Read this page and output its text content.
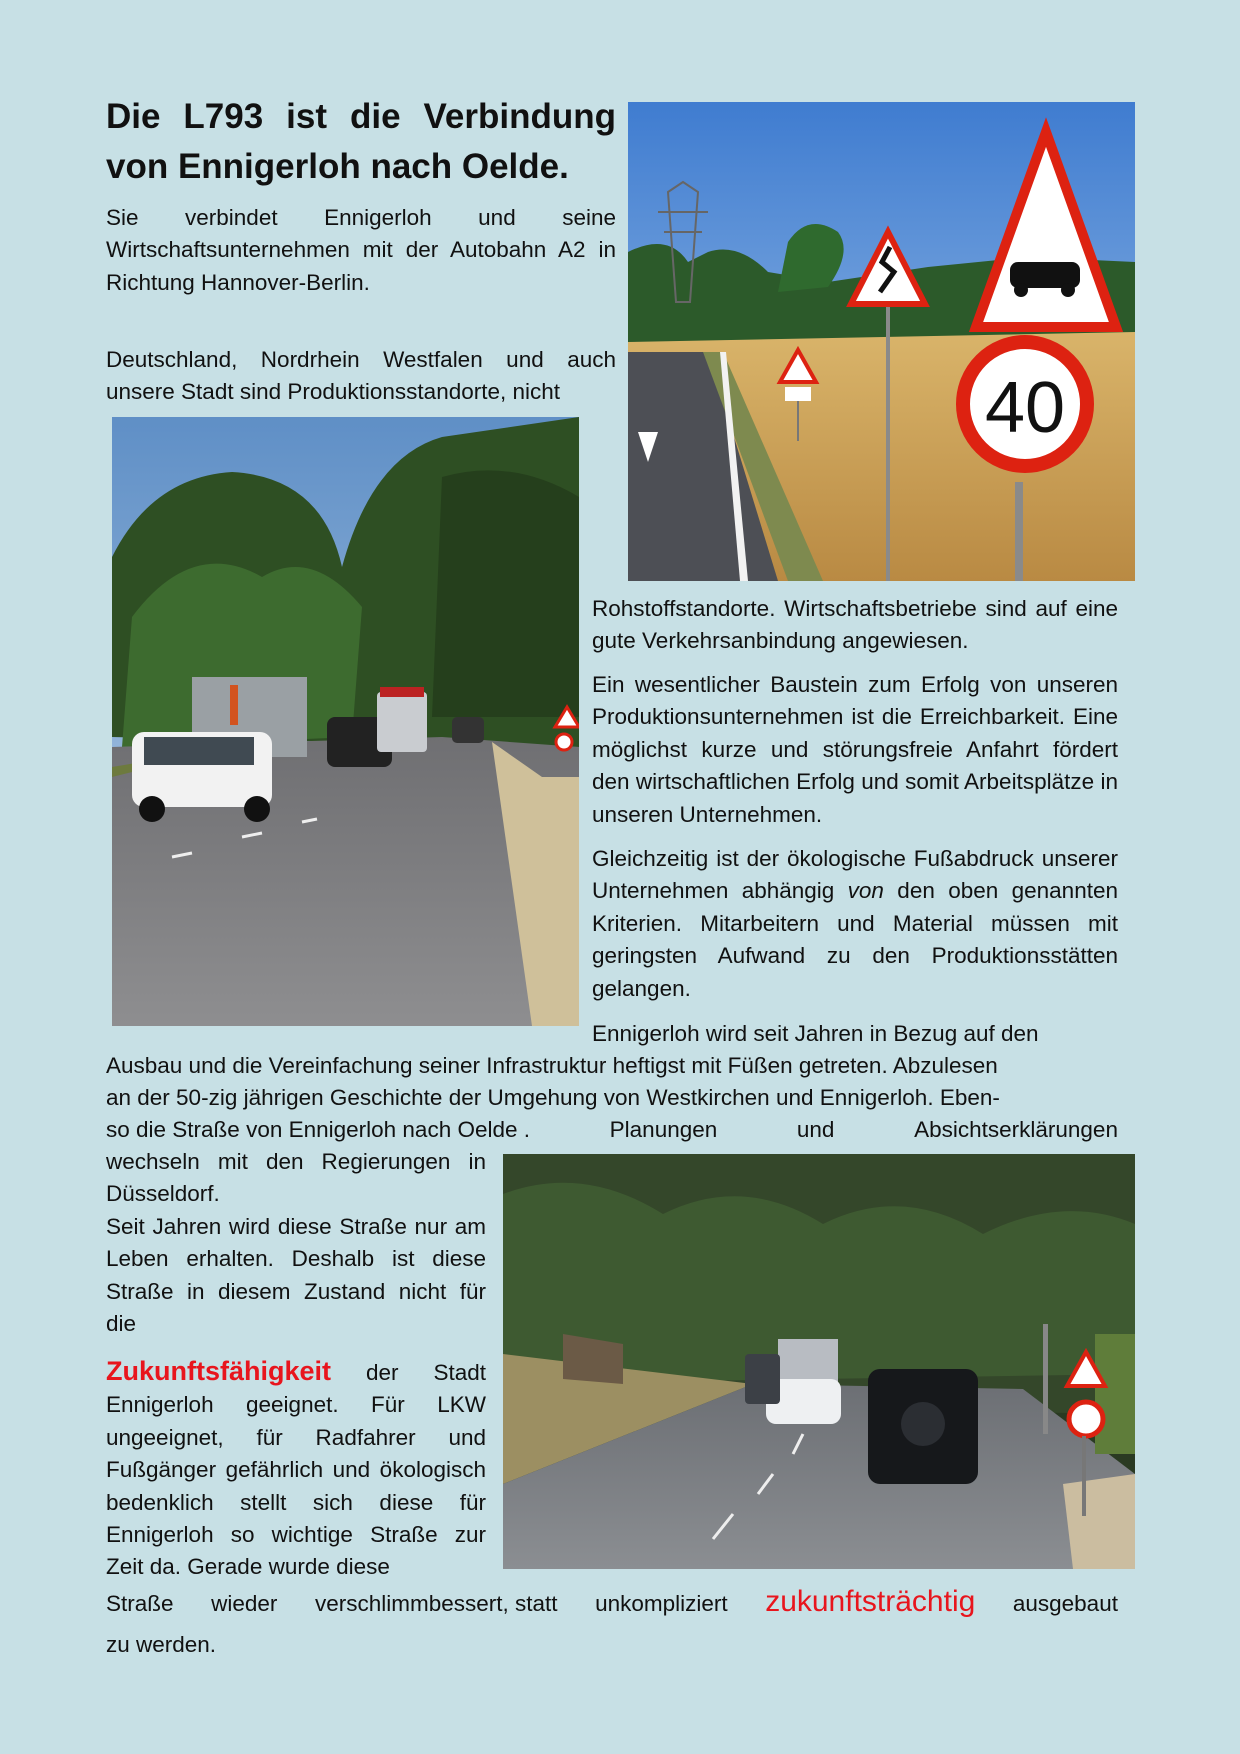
Die L793 ist die Verbindung von Ennigerloh nach Oelde.

Sie verbindet Ennigerloh und seine Wirtschaftsunternehmen mit der Autobahn A2 in Richtung Hannover-Berlin.

Deutschland, Nordrhein Westfalen und auch unsere Stadt sind Produktionsstandorte, nicht	40

Rohstoffstandorte. Wirtschaftsbetriebe sind auf eine gute Verkehrsanbindung angewiesen.

Ein wesentlicher Baustein zum Erfolg von unseren Produktionsunternehmen ist die Erreichbarkeit. Eine möglichst kurze und störungsfreie Anfahrt fördert den wirtschaftlichen Erfolg und somit Arbeitsplätze in unseren Unternehmen.

Gleichzeitig ist der ökologische Fußabdruck unserer Unternehmen abhängig von den oben genannten Kriterien. Mitarbeitern und Material müssen mit geringsten Aufwand zu den Produktionsstätten gelangen.

Ennigerloh wird seit Jahren in Bezug auf den
Ausbau und die Vereinfachung seiner Infrastruktur heftigst mit Füßen getreten. Abzulesen
an der 50-zig jährigen Geschichte der Umgehung von Westkirchen und Ennigerloh. Eben-
so die Straße von Ennigerloh nach Oelde .	Planungen	und	Absichtserklärungen

wechseln mit den Regierungen in Düsseldorf.

Seit Jahren wird diese Straße nur am Leben erhalten. Deshalb ist diese Straße in diesem Zustand nicht für die

Zukunftsfähigkeit der Stadt Ennigerloh geeignet. Für LKW ungeeignet, für Radfahrer und Fußgänger gefährlich und ökologisch bedenklich stellt sich diese für Ennigerloh so wichtige Straße zur Zeit da. Gerade wurde diese

Straße wieder verschlimmbessert, statt unkompliziert zukunftsträchtig ausgebaut
zu werden.
